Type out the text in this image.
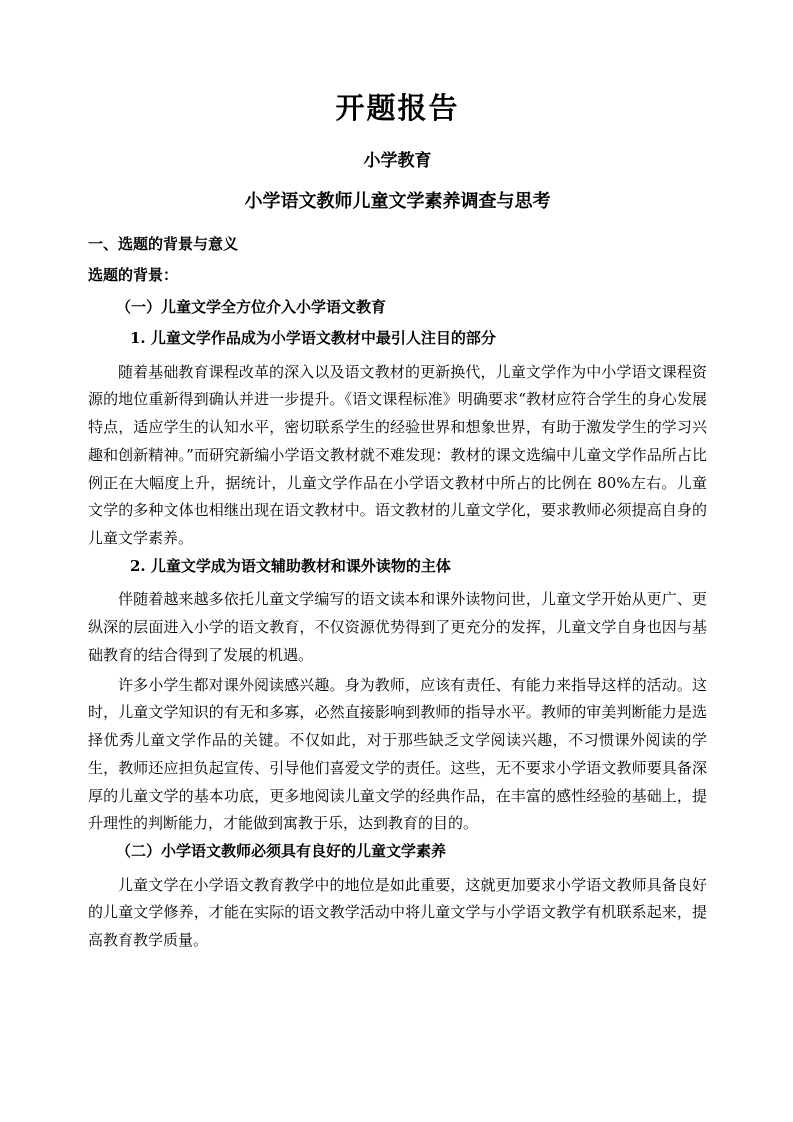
开题报告
小学教育
小学语文教师儿童文学素养调查与思考
一、选题的背景与意义
选题的背景：
（一）儿童文学全方位介入小学语文教育
1. 儿童文学作品成为小学语文教材中最引人注目的部分

随着基础教育课程改革的深入以及语文教材的更新换代，儿童文学作为中小学语文课程资源的地位重新得到确认并进一步提升。《语文课程标准》明确要求“教材应符合学生的身心发展特点，适应学生的认知水平，密切联系学生的经验世界和想象世界，有助于激发学生的学习兴趣和创新精神。”而研究新编小学语文教材就不难发现：教材的课文选编中儿童文学作品所占比例正在大幅度上升，据统计，儿童文学作品在小学语文教材中所占的比例在 80%左右。儿童文学的多种文体也相继出现在语文教材中。语文教材的儿童文学化，要求教师必须提高自身的儿童文学素养。

2. 儿童文学成为语文辅助教材和课外读物的主体

伴随着越来越多依托儿童文学编写的语文读本和课外读物问世，儿童文学开始从更广、更纵深的层面进入小学的语文教育，不仅资源优势得到了更充分的发挥，儿童文学自身也因与基础教育的结合得到了发展的机遇。

许多小学生都对课外阅读感兴趣。身为教师，应该有责任、有能力来指导这样的活动。这时，儿童文学知识的有无和多寡，必然直接影响到教师的指导水平。教师的审美判断能力是选择优秀儿童文学作品的关键。不仅如此，对于那些缺乏文学阅读兴趣，不习惯课外阅读的学生，教师还应担负起宣传、引导他们喜爱文学的责任。这些，无不要求小学语文教师要具备深厚的儿童文学的基本功底，更多地阅读儿童文学的经典作品，在丰富的感性经验的基础上，提升理性的判断能力，才能做到寓教于乐，达到教育的目的。

（二）小学语文教师必须具有良好的儿童文学素养

儿童文学在小学语文教育教学中的地位是如此重要，这就更加要求小学语文教师具备良好的儿童文学修养，才能在实际的语文教学活动中将儿童文学与小学语文教学有机联系起来，提高教育教学质量。
